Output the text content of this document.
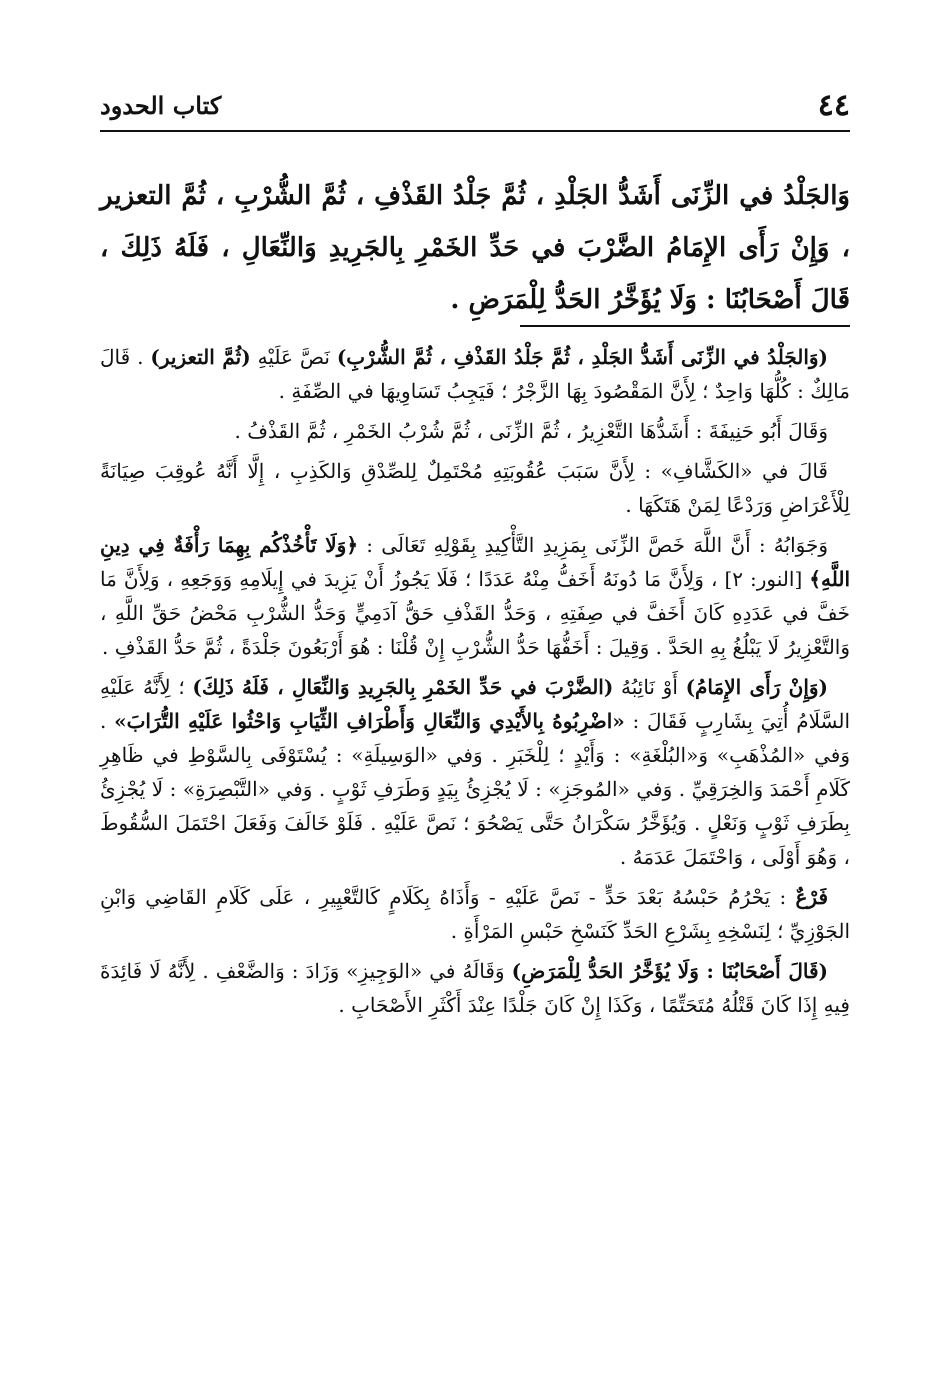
٤٤
كتاب الحدود
وَالجَلْدُ في الزِّنَى أَشَدُّ الجَلْدِ ، ثُمَّ جَلْدُ القَذْفِ ، ثُمَّ الشُّرْبِ ، ثُمَّ التعزير ، وَإِنْ رَأَى الإِمَامُ الضَّرْبَ في حَدِّ الخَمْرِ بِالجَرِيدِ وَالنِّعَالِ ، فَلَهُ ذَلِكَ ، قَالَ أَصْحَابُنَا : وَلَا يُؤَخَّرُ الحَدُّ لِلْمَرَضِ .

(وَالجَلْدُ في الزِّنَى أَشَدُّ الجَلْدِ ، ثُمَّ جَلْدُ القَذْفِ ، ثُمَّ الشُّرْبِ) نَصَّ عَلَيْهِ (ثُمَّ التعزير) . قَالَ مَالِكٌ : كُلُّهَا وَاحِدٌ ؛ لِأَنَّ المَقْصُودَ بِهَا الزَّجْرُ ؛ فَيَجِبُ تَسَاوِيهَا في الصِّفَةِ .

وَقَالَ أَبُو حَنِيفَةَ : أَشَدُّهَا التَّعْزِيرُ ، ثُمَّ الزِّنَى ، ثُمَّ شُرْبُ الخَمْرِ ، ثُمَّ القَذْفُ .

قَالَ في «الكَشَّافِ» : لِأَنَّ سَبَبَ عُقُوبَتِهِ مُحْتَمِلٌ لِلصِّدْقِ وَالكَذِبِ ، إِلَّا أَنَّهُ عُوقِبَ صِيَانَةً لِلْأَعْرَاضِ وَرَدْعًا لِمَنْ هَتَكَهَا .

وَجَوَابُهُ : أَنَّ اللَّهَ خَصَّ الزِّنَى بِمَزِيدِ التَّأْكِيدِ بِقَوْلِهِ تَعَالَى : ﴿وَلَا تَأْخُذْكُم بِهِمَا رَأْفَةٌ فِي دِينِ اللَّهِ﴾ [النور: ٢] ، وَلِأَنَّ مَا دُونَهُ أَخَفُّ مِنْهُ عَدَدًا ؛ فَلَا يَجُوزُ أَنْ يَزِيدَ في إِيلَامِهِ وَوَجَعِهِ ، وَلِأَنَّ مَا خَفَّ في عَدَدِهِ كَانَ أَخَفَّ في صِفَتِهِ ، وَحَدُّ القَذْفِ حَقُّ آدَمِيٍّ وَحَدُّ الشُّرْبِ مَحْضُ حَقِّ اللَّهِ ، وَالتَّعْزِيرُ لَا يَبْلُغُ بِهِ الحَدَّ . وَقِيلَ : أَخَفُّهَا حَدُّ الشُّرْبِ إِنْ قُلْنَا : هُوَ أَرْبَعُونَ جَلْدَةً ، ثُمَّ حَدُّ القَذْفِ .

(وَإِنْ رَأَى الإِمَامُ) أَوْ نَائِبُهُ (الضَّرْبَ في حَدِّ الخَمْرِ بِالجَرِيدِ وَالنِّعَالِ ، فَلَهُ ذَلِكَ) ؛ لِأَنَّهُ عَلَيْهِ السَّلَامُ أُتِيَ بِشَارِبٍ فَقَالَ : «اضْرِبُوهُ بِالأَيْدِي وَالنِّعَالِ وَأَطْرَافِ الثِّيَابِ وَاحْثُوا عَلَيْهِ التُّرَابَ» . وَفي «المُذْهَبِ» وَ«البُلْغَةِ» : وَأَيْدٍ ؛ لِلْخَبَرِ . وَفي «الوَسِيلَةِ» : يُسْتَوْفَى بِالسَّوْطِ في ظَاهِرِ كَلَامِ أَحْمَدَ وَالخِرَقِيِّ . وَفي «المُوجَزِ» : لَا يُجْزِئُ بِيَدٍ وَطَرَفِ ثَوْبٍ . وَفي «التَّبْصِرَةِ» : لَا يُجْزِئُ بِطَرَفِ ثَوْبٍ وَنَعْلٍ . وَيُؤَخَّرُ سَكْرَانُ حَتَّى يَصْحُوَ ؛ نَصَّ عَلَيْهِ . فَلَوْ خَالَفَ وَفَعَلَ احْتَمَلَ السُّقُوطَ ، وَهُوَ أَوْلَى ، وَاحْتَمَلَ عَدَمَهُ .

فَرْعٌ : يَحْرُمُ حَبْسُهُ بَعْدَ حَدٍّ - نَصَّ عَلَيْهِ - وَأَذَاهُ بِكَلَامٍ كَالتَّعْيِيرِ ، عَلَى كَلَامِ القَاضِي وَابْنِ الجَوْزِيِّ ؛ لِنَسْخِهِ بِشَرْعِ الحَدِّ كَنَسْخِ حَبْسِ المَرْأَةِ .

(قَالَ أَصْحَابُنَا : وَلَا يُؤَخَّرُ الحَدُّ لِلْمَرَضِ) وَقَالَهُ في «الوَجِيزِ» وَزَادَ : وَالضَّعْفِ . لِأَنَّهُ لَا فَائِدَةَ فِيهِ إِذَا كَانَ قَتْلُهُ مُتَحَتِّمًا ، وَكَذَا إِنْ كَانَ جَلْدًا عِنْدَ أَكْثَرِ الأَصْحَابِ .
